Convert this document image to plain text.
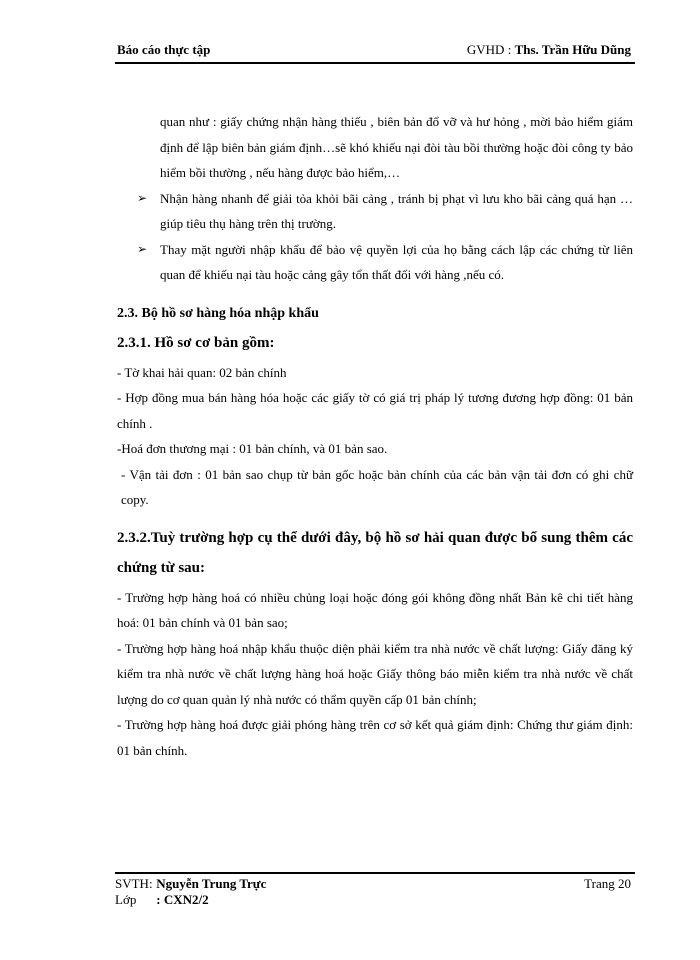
Báo cáo thực tập	GVHD : Ths. Trần Hữu Dũng

quan như : giấy chứng nhận hàng thiếu , biên bản đổ vỡ và hư hỏng , mời bảo hiểm giám định để lập biên bản giám định…sẽ khó khiếu nại đòi tàu bồi thường hoặc đòi công ty bảo hiểm bồi thường , nếu hàng được bảo hiểm,…

➢ Nhận hàng nhanh để giải tỏa khỏi bãi cảng , tránh bị phạt vì lưu kho bãi cảng quá hạn …giúp tiêu thụ hàng trên thị trường.
➢ Thay mặt người nhập khẩu để bảo vệ quyền lợi của họ bằng cách lập các chứng từ liên quan để khiếu nại tàu hoặc cảng gây tổn thất đối với hàng ,nếu có.
2.3. Bộ hồ sơ hàng hóa nhập khẩu
2.3.1. Hồ sơ cơ bản gồm:

- Tờ khai hải quan: 02 bản chính

- Hợp đồng mua bán hàng hóa hoặc các giấy tờ có giá trị pháp lý tương đương hợp đồng: 01 bản chính .

-Hoá đơn thương mại : 01 bản chính, và 01 bản sao.

- Vận tải đơn : 01 bản sao chụp từ bản gốc hoặc bản chính của các bản vận tải đơn có ghi chữ copy.

2.3.2.Tuỳ trường hợp cụ thể dưới đây, bộ hồ sơ hải quan được bổ sung thêm các chứng từ sau:

- Trường hợp hàng hoá có nhiều chủng loại hoặc đóng gói không đồng nhất Bản kê chi tiết hàng hoá: 01 bản chính và 01 bản sao;

- Trường hợp hàng hoá nhập khẩu thuộc diện phải kiểm tra nhà nước về chất lượng: Giấy đăng ký kiểm tra nhà nước về chất lượng hàng hoá hoặc Giấy thông báo miễn kiểm tra nhà nước về chất lượng do cơ quan quản lý nhà nước có thẩm quyền cấp 01 bản chính;

- Trường hợp hàng hoá được giải phóng hàng trên cơ sở kết quả giám định: Chứng thư giám định: 01 bản chính.

SVTH: Nguyễn Trung Trực	Trang 20
Lớp : CXN2/2
